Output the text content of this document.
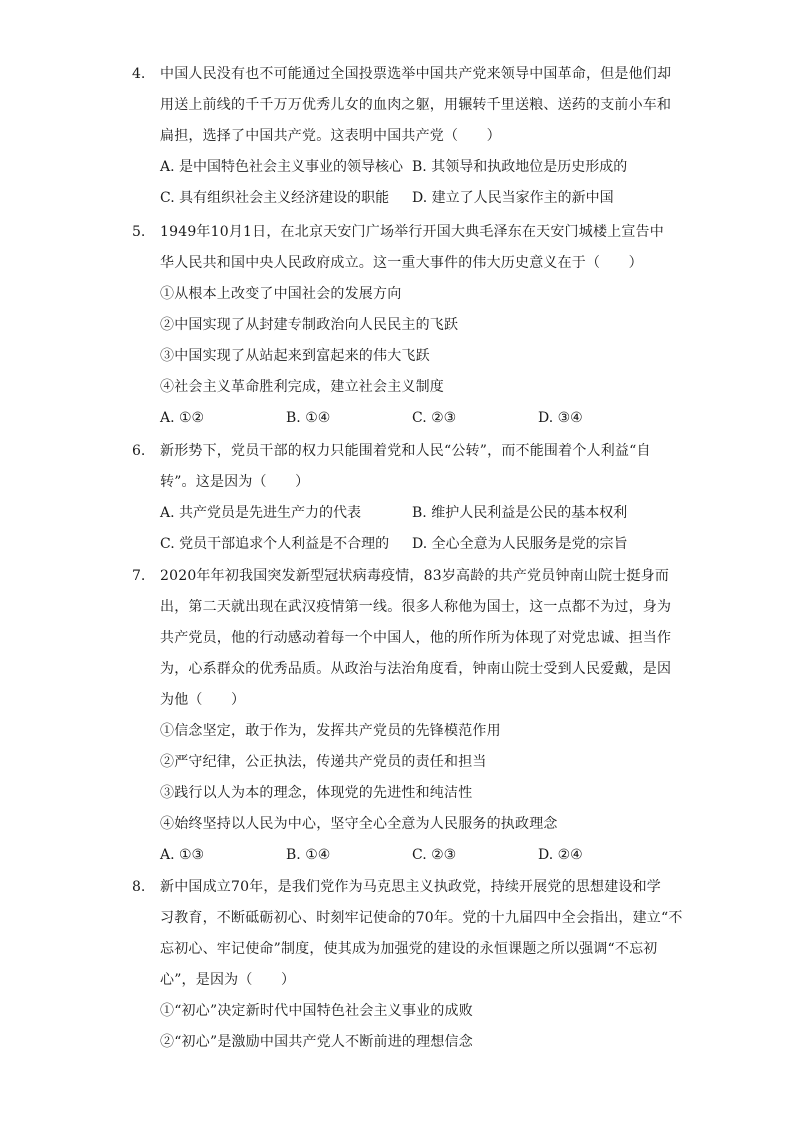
4. 中国人民没有也不可能通过全国投票选举中国共产党来领导中国革命，但是他们却
用送上前线的千千万万优秀儿女的血肉之躯，用辗转千里送粮、送药的支前小车和
扁担，选择了中国共产党。这表明中国共产党（　　）
A. 是中国特色社会主义事业的领导核心 B. 其领导和执政地位是历史形成的
C. 具有组织社会主义经济建设的职能	D. 建立了人民当家作主的新中国
5. 1949年10月1日，在北京天安门广场举行开国大典毛泽东在天安门城楼上宣告中
华人民共和国中央人民政府成立。这一重大事件的伟大历史意义在于（　　）
①从根本上改变了中国社会的发展方向
②中国实现了从封建专制政治向人民民主的飞跃
③中国实现了从站起来到富起来的伟大飞跃
④社会主义革命胜利完成，建立社会主义制度
A. ①②	B. ①④	C. ②③	D. ③④
6. 新形势下，党员干部的权力只能围着党和人民“公转”，而不能围着个人利益“自
转”。这是因为（　　）
A. 共产党员是先进生产力的代表	B. 维护人民利益是公民的基本权利
C. 党员干部追求个人利益是不合理的	D. 全心全意为人民服务是党的宗旨
7. 2020年年初我国突发新型冠状病毒疫情，83岁高龄的共产党员钟南山院士挺身而
出，第二天就出现在武汉疫情第一线。很多人称他为国士，这一点都不为过，身为
共产党员，他的行动感动着每一个中国人，他的所作所为体现了对党忠诚、担当作
为，心系群众的优秀品质。从政治与法治角度看，钟南山院士受到人民爱戴，是因
为他（　　）
①信念坚定，敢于作为，发挥共产党员的先锋模范作用
②严守纪律，公正执法，传递共产党员的责任和担当
③践行以人为本的理念，体现党的先进性和纯洁性
④始终坚持以人民为中心，坚守全心全意为人民服务的执政理念
A. ①③	B. ①④	C. ②③	D. ②④
8. 新中国成立70年，是我们党作为马克思主义执政党，持续开展党的思想建设和学
习教育，不断砥砺初心、时刻牢记使命的70年。党的十九届四中全会指出，建立“不
忘初心、牢记使命”制度，使其成为加强党的建设的永恒课题之所以强调“不忘初
心”，是因为（　　）
①“初心”决定新时代中国特色社会主义事业的成败
②“初心”是激励中国共产党人不断前进的理想信念
